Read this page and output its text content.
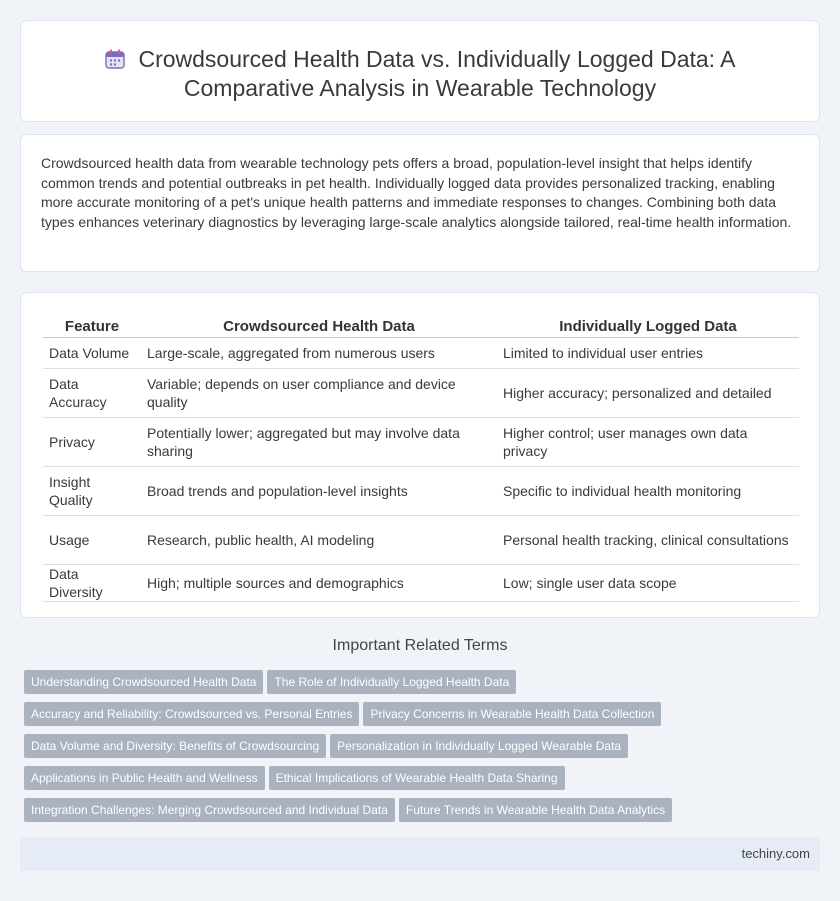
Crowdsourced Health Data vs. Individually Logged Data: A
Comparative Analysis in Wearable Technology
Crowdsourced health data from wearable technology pets offers a broad, population-level insight that helps identify common trends and potential outbreaks in pet health. Individually logged data provides personalized tracking, enabling more accurate monitoring of a pet's unique health patterns and immediate responses to changes. Combining both data types enhances veterinary diagnostics by leveraging large-scale analytics alongside tailored, real-time health information.
Feature	Crowdsourced Health Data	Individually Logged Data
Data Volume	Large-scale, aggregated from numerous users	Limited to individual user entries
Data Accuracy	Variable; depends on user compliance and device quality	Higher accuracy; personalized and detailed
Privacy	Potentially lower; aggregated but may involve data sharing	Higher control; user manages own data privacy
Insight Quality	Broad trends and population-level insights	Specific to individual health monitoring
Usage	Research, public health, AI modeling	Personal health tracking, clinical consultations
Data Diversity	High; multiple sources and demographics	Low; single user data scope
Important Related Terms
Understanding Crowdsourced Health Data The Role of Individually Logged Health Data
Accuracy and Reliability: Crowdsourced vs. Personal Entries Privacy Concerns in Wearable Health Data Collection
Data Volume and Diversity: Benefits of Crowdsourcing Personalization in Individually Logged Wearable Data
Applications in Public Health and Wellness Ethical Implications of Wearable Health Data Sharing
Integration Challenges: Merging Crowdsourced and Individual Data Future Trends in Wearable Health Data Analytics
techiny.com
